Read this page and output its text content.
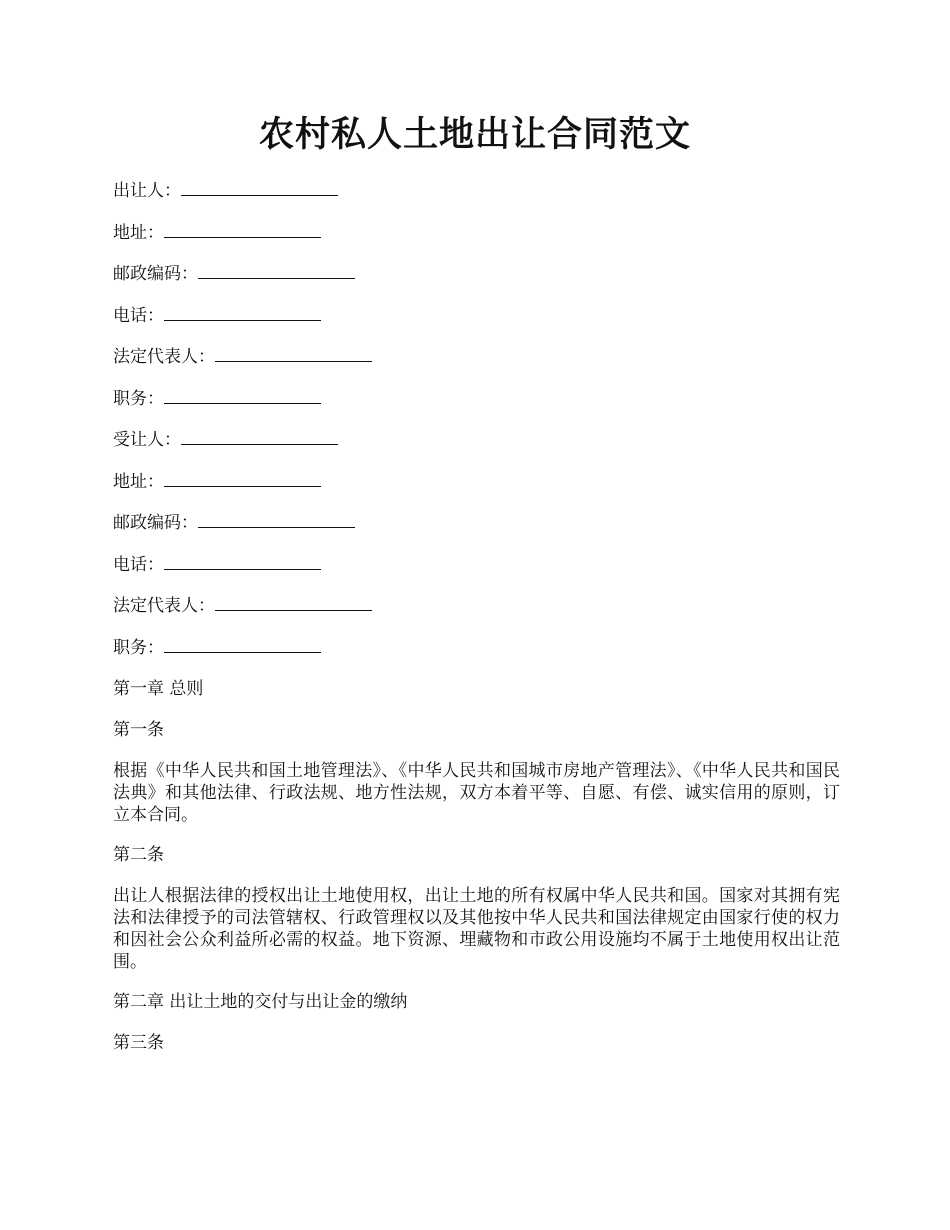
农村私人土地出让合同范文
出让人：
地址：
邮政编码：
电话：
法定代表人：
职务：
受让人：
地址：
邮政编码：
电话：
法定代表人：
职务：
第一章 总则
第一条
根据《中华人民共和国土地管理法》、《中华人民共和国城市房地产管理法》、《中华人民共和国民法典》和其他法律、行政法规、地方性法规，双方本着平等、自愿、有偿、诚实信用的原则，订立本合同。
第二条
出让人根据法律的授权出让土地使用权，出让土地的所有权属中华人民共和国。国家对其拥有宪法和法律授予的司法管辖权、行政管理权以及其他按中华人民共和国法律规定由国家行使的权力和因社会公众利益所必需的权益。地下资源、埋藏物和市政公用设施均不属于土地使用权出让范围。
第二章 出让土地的交付与出让金的缴纳
第三条
